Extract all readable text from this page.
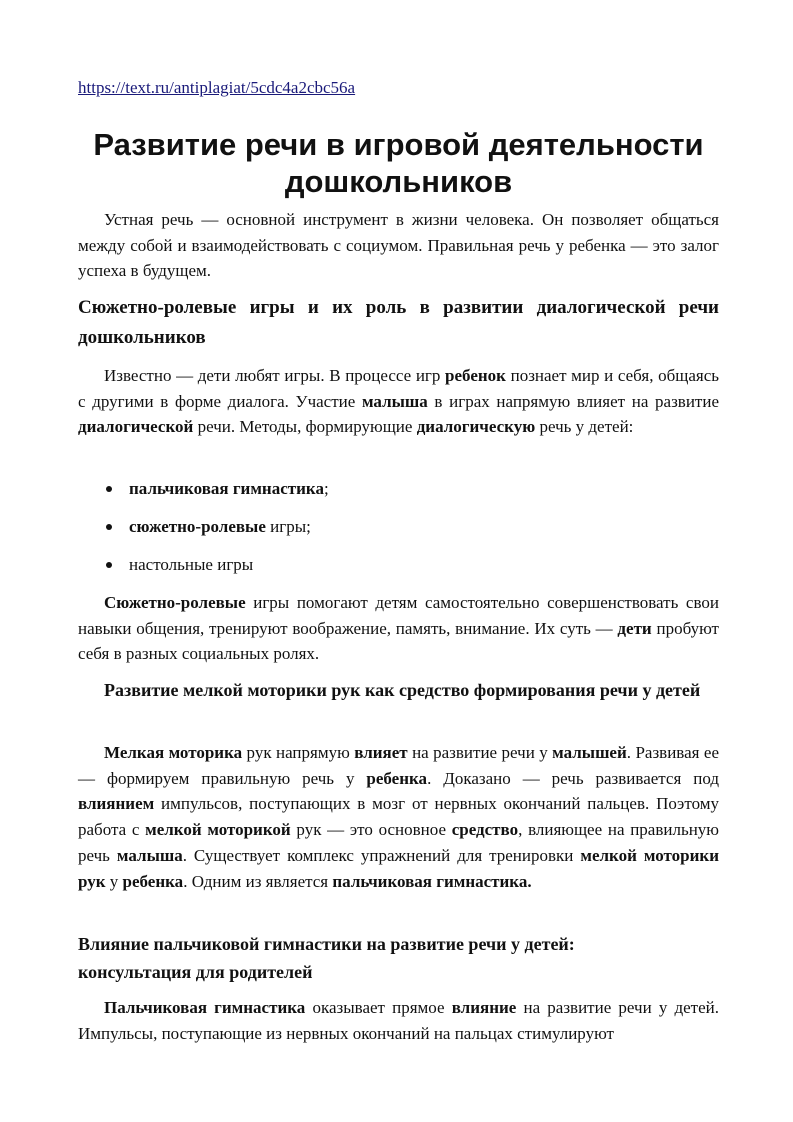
https://text.ru/antiplagiat/5cdc4a2cbc56a
Развитие речи в игровой деятельности
дошкольников

Устная речь — основной инструмент в жизни человека. Он позволяет общаться между собой и взаимодействовать с социумом. Правильная речь у ребенка — это залог успеха в будущем.

Сюжетно-ролевые игры и их роль в развитии диалогической речи дошкольников

Известно — дети любят игры. В процессе игр ребенок познает мир и себя, общаясь с другими в форме диалога. Участие малыша в играх напрямую влияет на развитие диалогической речи. Методы, формирующие диалогическую речь у детей:

пальчиковая гимнастика;
сюжетно-ролевые игры;
настольные игры

Сюжетно-ролевые игры помогают детям самостоятельно совершенствовать свои навыки общения, тренируют воображение, память, внимание. Их суть — дети пробуют себя в разных социальных ролях.

Развитие мелкой моторики рук как средство формирования речи у детей

Мелкая моторика рук напрямую влияет на развитие речи у малышей. Развивая ее — формируем правильную речь у ребенка. Доказано — речь развивается под влиянием импульсов, поступающих в мозг от нервных окончаний пальцев. Поэтому работа с мелкой моторикой рук — это основное средство, влияющее на правильную речь малыша. Существует комплекс упражнений для тренировки мелкой моторики рук у ребенка. Одним из является пальчиковая гимнастика.

Влияние пальчиковой гимнастики на развитие речи у детей:
консультация для родителей

Пальчиковая гимнастика оказывает прямое влияние на развитие речи у детей. Импульсы, поступающие из нервных окончаний на пальцах стимулируют
